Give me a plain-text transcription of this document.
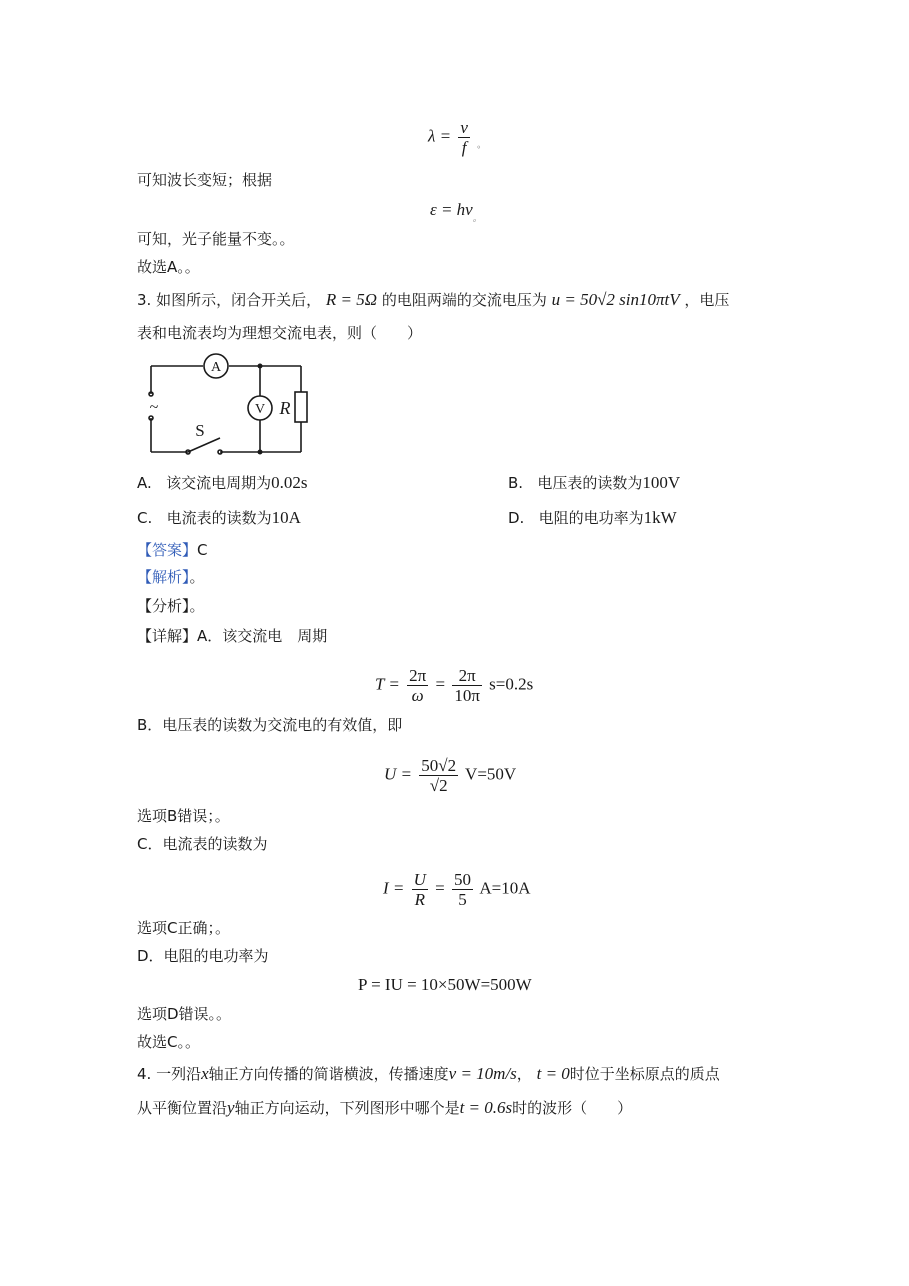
$\lambda = \frac{v}{f} _。$
可知波长变短；根据
$\varepsilon = h\nu_。$
可知，光子能量不变。。
故选A。。
3. 如图所示，闭合开关后， R = 5Ω 的电阻两端的交流电压为 u = 50√2 sin10πtV ，电压
表和电流表均为理想交流电表，则（　　）
A
V R
S
~
A. 该交流电周期为0.02s	B. 电压表的读数为100V
C. 电流表的读数为10A	D. 电阻的电功率为1kW
【答案】C
【解析】。
【分析】。
【详解】A．该交流电　周期
$T = \frac{2\pi}{\omega} = \frac{2\pi}{10\pi} s=0.2s$
B．电压表的读数为交流电的有效值，即
$U = \frac{50√2}{√2} V=50V$
选项B错误；。
C．电流表的读数为
$I = \frac{U}{R} = \frac{50}{5} A=10A$
选项C正确；。
D．电阻的电功率为
P = IU = 10×50W=500W
选项D错误。。
故选C。。
4. 一列沿x轴正方向传播的简谐横波，传播速度v = 10m/s， t = 0时位于坐标原点的质点
从平衡位置沿y轴正方向运动，下列图形中哪个是t = 0.6s时的波形（　　）
